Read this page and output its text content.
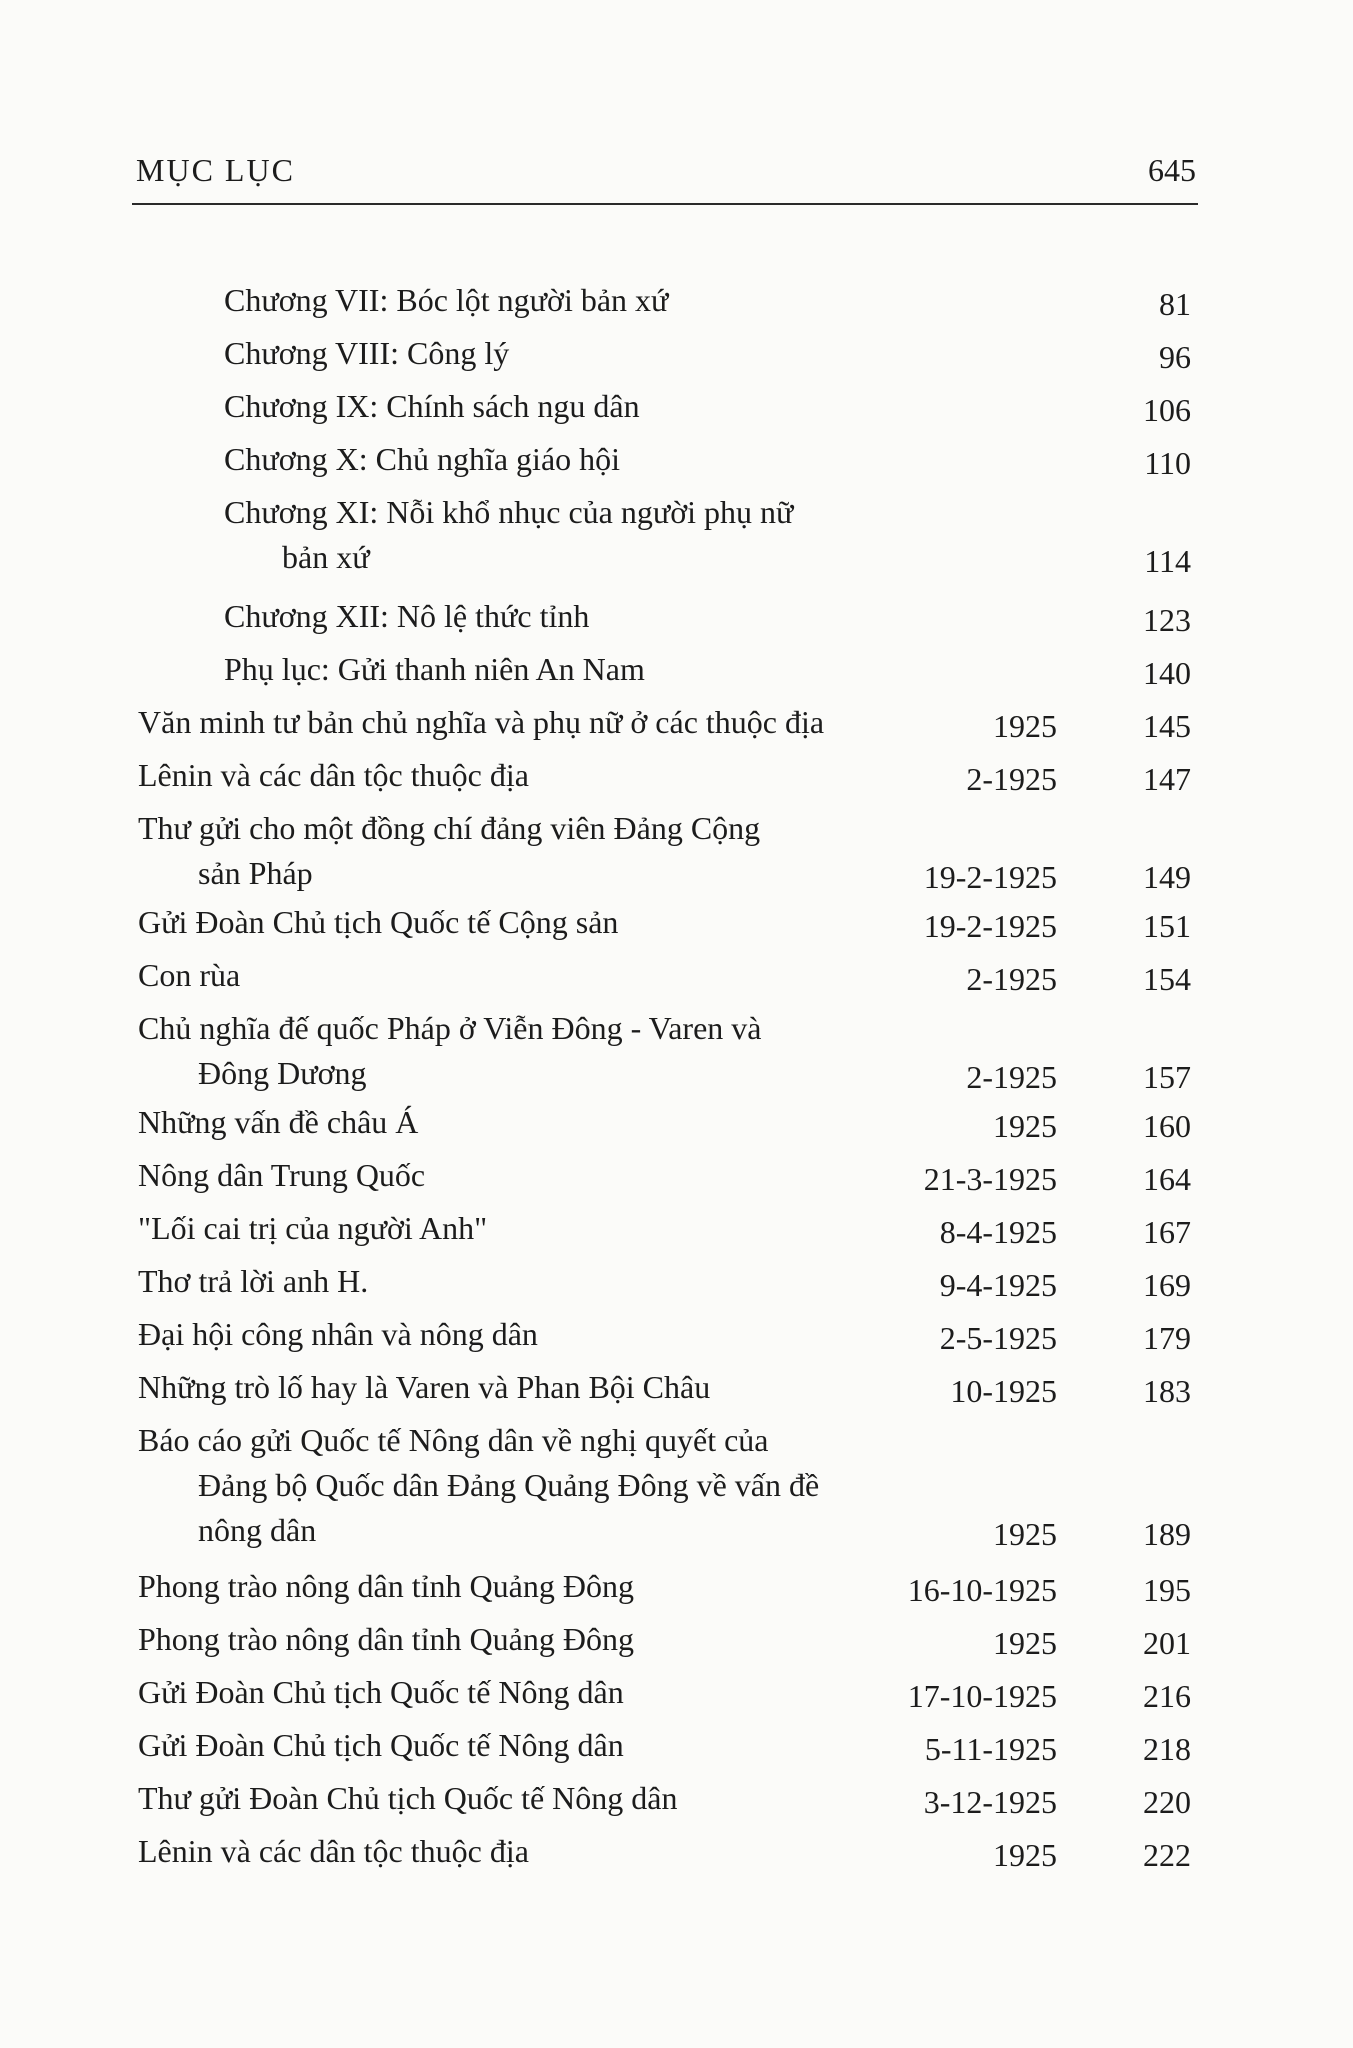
MỤC LỤC	645
Chương VII: Bóc lột người bản xứ	81
Chương VIII: Công lý	96
Chương IX: Chính sách ngu dân	106
Chương X: Chủ nghĩa giáo hội	110
Chương XI: Nỗi khổ nhục của người phụ nữ
bản xứ	114
Chương XII: Nô lệ thức tỉnh	123
Phụ lục: Gửi thanh niên An Nam	140
Văn minh tư bản chủ nghĩa và phụ nữ ở các thuộc địa	1925	145
Lênin và các dân tộc thuộc địa	2-1925	147
Thư gửi cho một đồng chí đảng viên Đảng Cộng
sản Pháp	19-2-1925	149
Gửi Đoàn Chủ tịch Quốc tế Cộng sản	19-2-1925	151
Con rùa	2-1925	154
Chủ nghĩa đế quốc Pháp ở Viễn Đông - Varen và
Đông Dương	2-1925	157
Những vấn đề châu Á	1925	160
Nông dân Trung Quốc	21-3-1925	164
"Lối cai trị của người Anh"	8-4-1925	167
Thơ trả lời anh H.	9-4-1925	169
Đại hội công nhân và nông dân	2-5-1925	179
Những trò lố hay là Varen và Phan Bội Châu	10-1925	183
Báo cáo gửi Quốc tế Nông dân về nghị quyết của
Đảng bộ Quốc dân Đảng Quảng Đông về vấn đề
nông dân	1925	189
Phong trào nông dân tỉnh Quảng Đông	16-10-1925	195
Phong trào nông dân tỉnh Quảng Đông	1925	201
Gửi Đoàn Chủ tịch Quốc tế Nông dân	17-10-1925	216
Gửi Đoàn Chủ tịch Quốc tế Nông dân	5-11-1925	218
Thư gửi Đoàn Chủ tịch Quốc tế Nông dân	3-12-1925	220
Lênin và các dân tộc thuộc địa	1925	222
